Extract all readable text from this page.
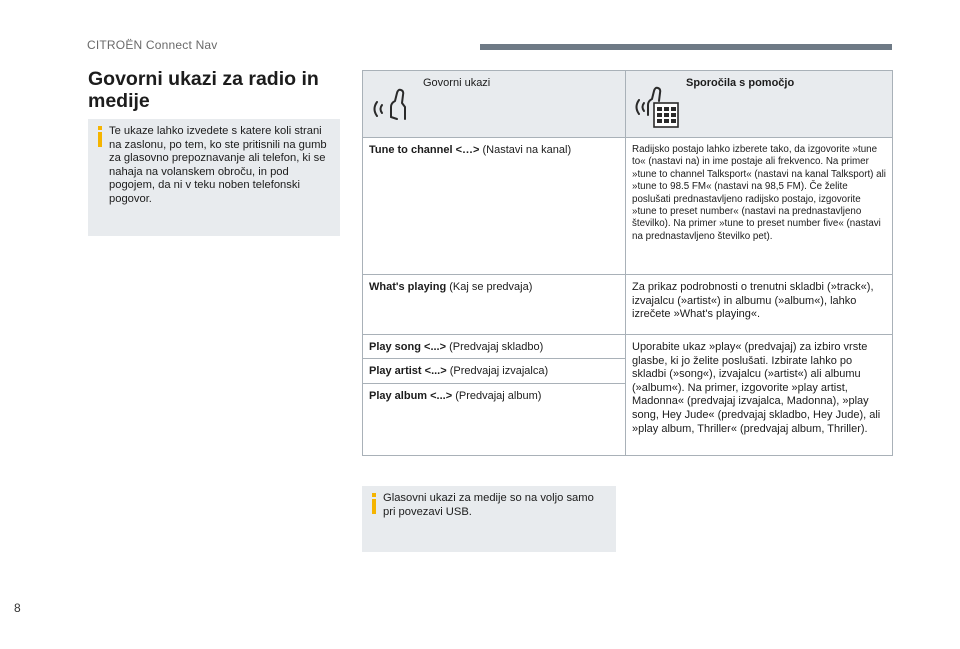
CITROËN Connect Nav
Govorni ukazi za radio in medije
Te ukaze lahko izvedete s katere koli strani na zaslonu, po tem, ko ste pritisnili na gumb za glasovno prepoznavanje ali telefon, ki se nahaja na volanskem obroču, in pod pogojem, da ni v teku noben telefonski pogovor.
Govorni ukazi	Sporočila s pomočjo

Tune to channel <…> (Nastavi na kanal)	Radijsko postajo lahko izberete tako, da izgovorite »tune to« (nastavi na) in ime postaje ali frekvenco. Na primer »tune to channel Talksport« (nastavi na kanal Talksport) ali »tune to 98.5 FM« (nastavi na 98,5 FM). Če želite poslušati prednastavljeno radijsko postajo, izgovorite »tune to preset number« (nastavi na prednastavljeno številko). Na primer »tune to preset number five« (nastavi na prednastavljeno številko pet).

What's playing (Kaj se predvaja)	Za prikaz podrobnosti o trenutni skladbi (»track«), izvajalcu (»artist«) in albumu (»album«), lahko izrečete »What's playing«.

Play song <...> (Predvajaj skladbo)	Uporabite ukaz »play« (predvajaj) za izbiro vrste glasbe, ki jo želite poslušati. Izbirate lahko po skladbi (»song«), izvajalcu (»artist«) ali albumu (»album«). Na primer, izgovorite »play artist, Madonna« (predvajaj izvajalca, Madonna), »play song, Hey Jude« (predvajaj skladbo, Hey Jude), ali »play album, Thriller« (predvajaj album, Thriller).

Play artist <...> (Predvajaj izvajalca)	

Play album <...> (Predvajaj album)	
Glasovni ukazi za medije so na voljo samo pri povezavi USB.
8
